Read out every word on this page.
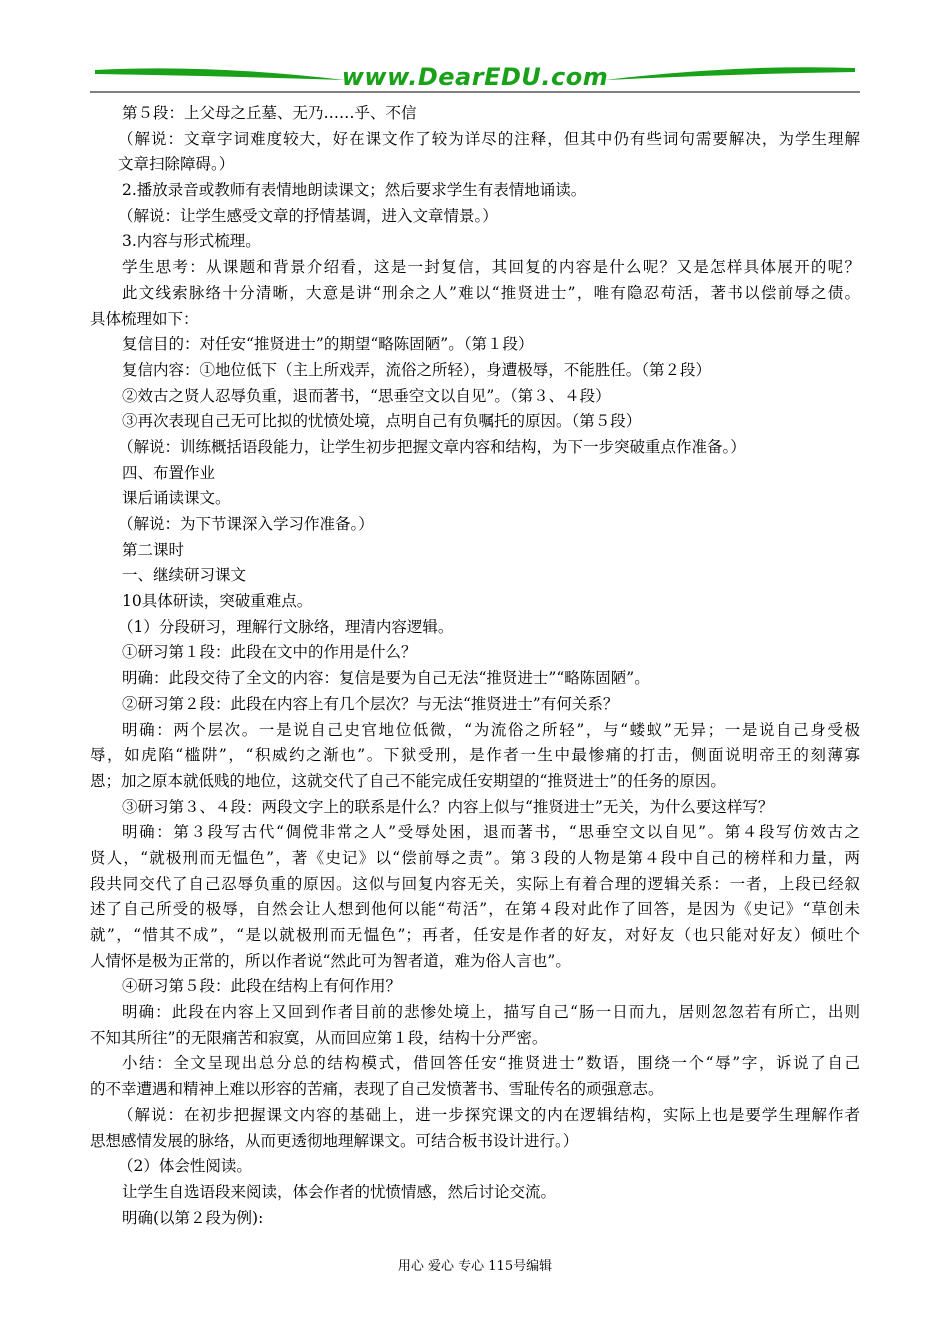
www.DearEDU.com
第５段：上父母之丘墓、无乃……乎、不信
（解说：文章字词难度较大，好在课文作了较为详尽的注释，但其中仍有些词句需要解决，为学生理解
文章扫除障碍。）
2.播放录音或教师有表情地朗读课文；然后要求学生有表情地诵读。
（解说：让学生感受文章的抒情基调，进入文章情景。）
3.内容与形式梳理。
学生思考：从课题和背景介绍看，这是一封复信，其回复的内容是什么呢？又是怎样具体展开的呢？
此文线索脉络十分清晰，大意是讲“刑余之人”难以“推贤进士”，唯有隐忍苟活，著书以偿前辱之债。
具体梳理如下：
复信目的：对任安“推贤进士”的期望“略陈固陋”。（第１段）
复信内容：①地位低下（主上所戏弄，流俗之所轻），身遭极辱，不能胜任。（第２段）
②效古之贤人忍辱负重，退而著书，“思垂空文以自见”。（第３、４段）
③再次表现自己无可比拟的忧愤处境，点明自己有负嘱托的原因。（第５段）
（解说：训练概括语段能力，让学生初步把握文章内容和结构，为下一步突破重点作准备。）
四、布置作业
课后诵读课文。
（解说：为下节课深入学习作准备。）
第二课时
一、继续研习课文
10具体研读，突破重难点。
（1）分段研习，理解行文脉络，理清内容逻辑。
①研习第１段：此段在文中的作用是什么？
明确：此段交待了全文的内容：复信是要为自己无法“推贤进士”“略陈固陋”。
②研习第２段：此段在内容上有几个层次？与无法“推贤进士”有何关系？
明确：两个层次。一是说自己史官地位低微，“为流俗之所轻”，与“蝼蚁”无异；一是说自己身受极
辱，如虎陷“槛阱”，“积威约之渐也”。下狱受刑，是作者一生中最惨痛的打击，侧面说明帝王的刻薄寡
恩；加之原本就低贱的地位，这就交代了自己不能完成任安期望的“推贤进士”的任务的原因。
③研习第３、４段：两段文字上的联系是什么？内容上似与“推贤进士”无关，为什么要这样写？
明确：第３段写古代“倜傥非常之人”受辱处困，退而著书，“思垂空文以自见”。第４段写仿效古之
贤人，“就极刑而无愠色”，著《史记》以“偿前辱之责”。第３段的人物是第４段中自己的榜样和力量，两
段共同交代了自己忍辱负重的原因。这似与回复内容无关，实际上有着合理的逻辑关系：一者，上段已经叙
述了自己所受的极辱，自然会让人想到他何以能“苟活”，在第４段对此作了回答，是因为《史记》“草创未
就”，“惜其不成”，“是以就极刑而无愠色”；再者，任安是作者的好友，对好友（也只能对好友）倾吐个
人情怀是极为正常的，所以作者说“然此可为智者道，难为俗人言也”。
④研习第５段：此段在结构上有何作用？
明确：此段在内容上又回到作者目前的悲惨处境上，描写自己“肠一日而九，居则忽忽若有所亡，出则
不知其所往”的无限痛苦和寂寞，从而回应第１段，结构十分严密。
小结：全文呈现出总分总的结构模式，借回答任安“推贤进士”数语，围绕一个“辱”字，诉说了自己
的不幸遭遇和精神上难以形容的苦痛，表现了自己发愤著书、雪耻传名的顽强意志。
（解说：在初步把握课文内容的基础上，进一步探究课文的内在逻辑结构，实际上也是要学生理解作者
思想感情发展的脉络，从而更透彻地理解课文。可结合板书设计进行。）
（2）体会性阅读。
让学生自选语段来阅读，体会作者的忧愤情感，然后讨论交流。
明确(以第２段为例):
用心 爱心 专心 115号编辑
